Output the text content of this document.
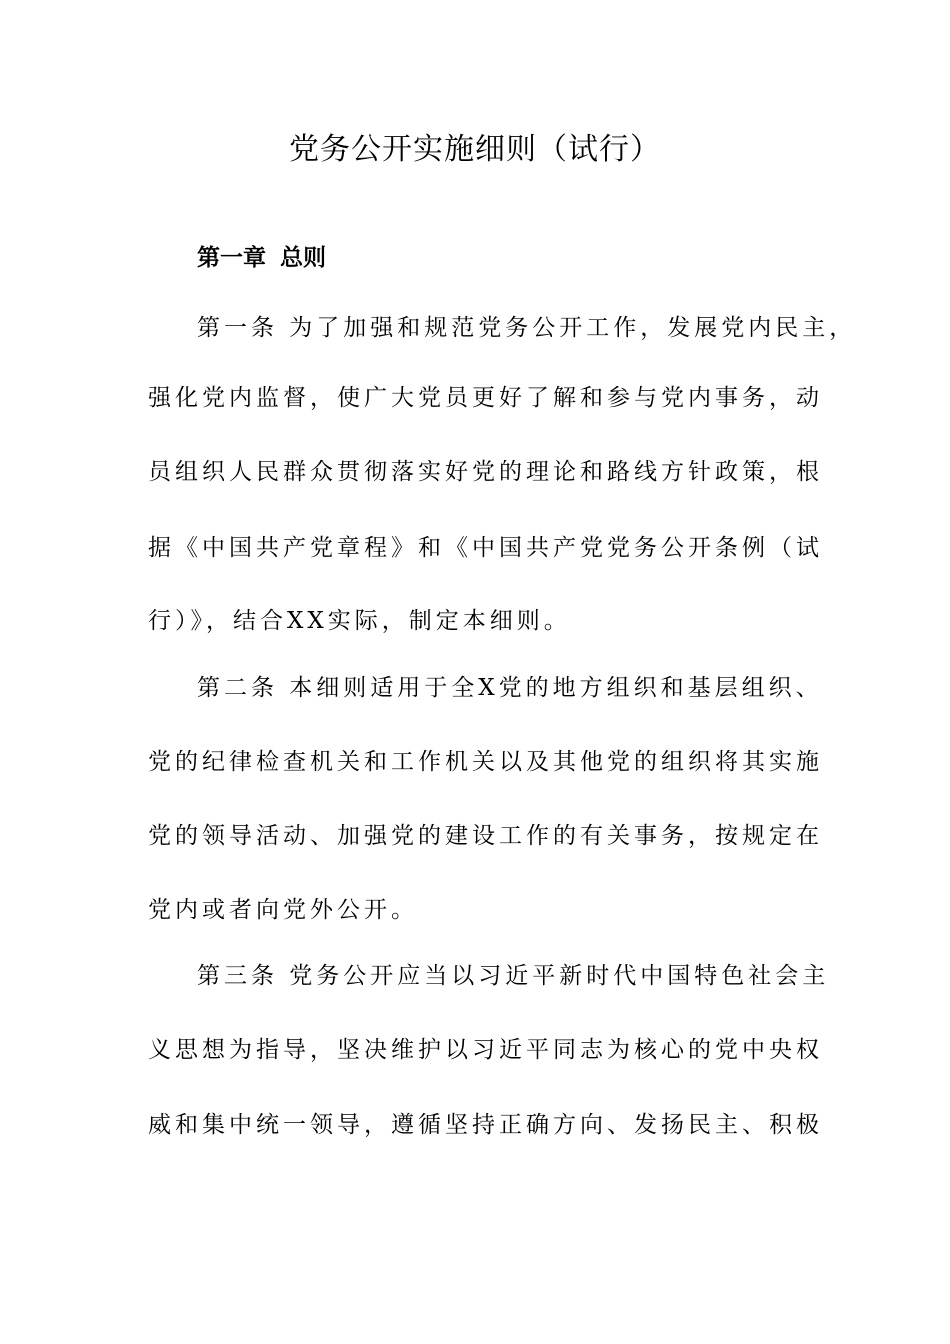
党务公开实施细则（试行）
第一章 总则
第一条 为了加强和规范党务公开工作，发展党内民主，
强化党内监督，使广大党员更好了解和参与党内事务，动
员组织人民群众贯彻落实好党的理论和路线方针政策，根
据《中国共产党章程》和《中国共产党党务公开条例（试
行）》，结合XX实际，制定本细则。
第二条 本细则适用于全X党的地方组织和基层组织、
党的纪律检查机关和工作机关以及其他党的组织将其实施
党的领导活动、加强党的建设工作的有关事务，按规定在
党内或者向党外公开。
第三条 党务公开应当以习近平新时代中国特色社会主
义思想为指导，坚决维护以习近平同志为核心的党中央权
威和集中统一领导，遵循坚持正确方向、发扬民主、积极
